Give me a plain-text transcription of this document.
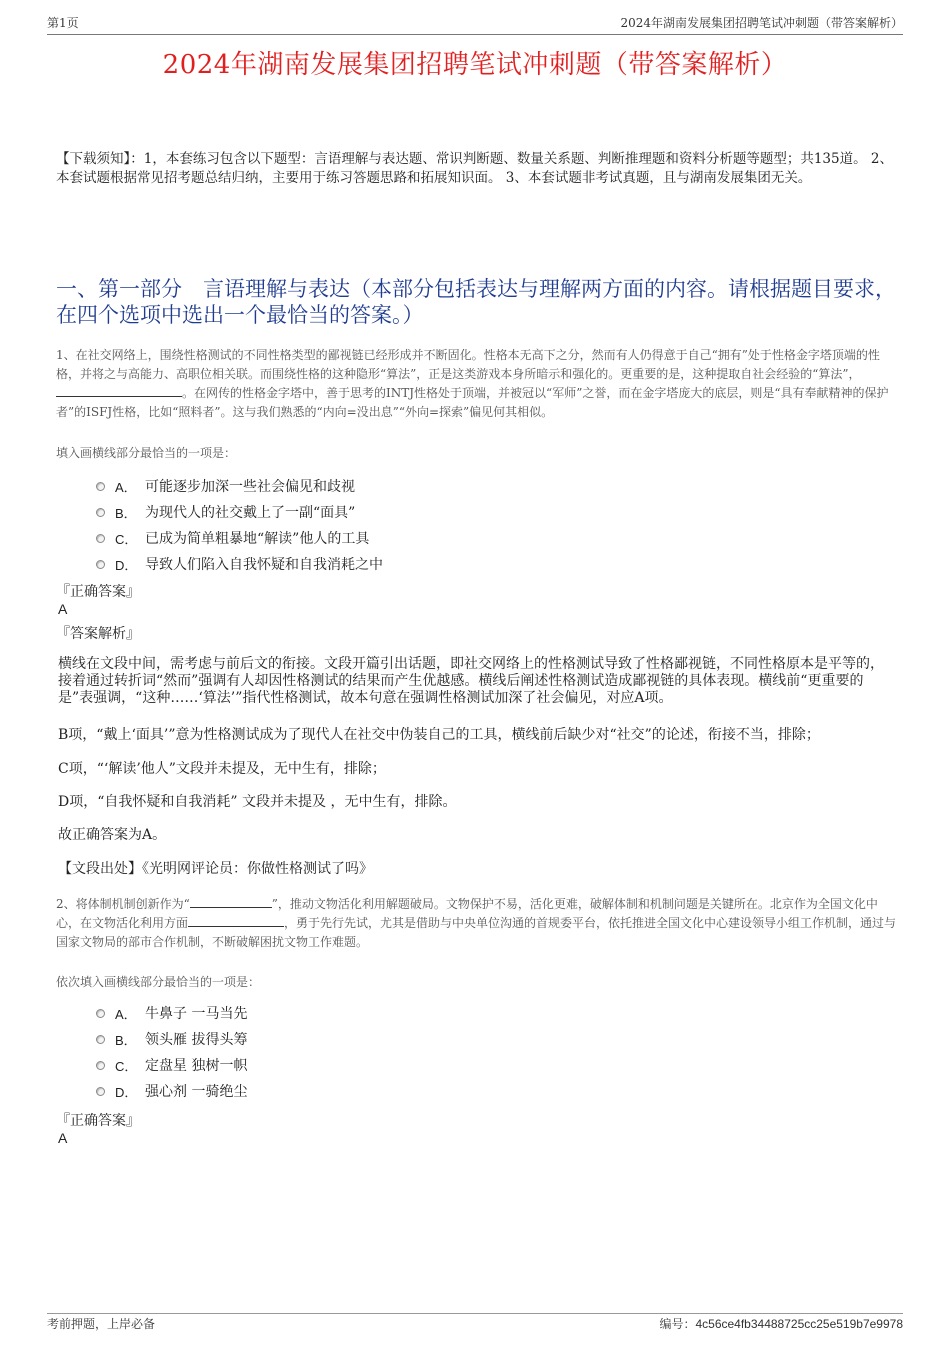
第1页	2024年湖南发展集团招聘笔试冲刺题（带答案解析）
2024年湖南发展集团招聘笔试冲刺题（带答案解析）
【下载须知】：1，本套练习包含以下题型：言语理解与表达题、常识判断题、数量关系题、判断推理题和资料分析题等题型；共135道。 2、本套试题根据常见招考题总结归纳，主要用于练习答题思路和拓展知识面。 3、本套试题非考试真题，且与湖南发展集团无关。
一、第一部分　言语理解与表达（本部分包括表达与理解两方面的内容。请根据题目要求，在四个选项中选出一个最恰当的答案。）
1、在社交网络上，围绕性格测试的不同性格类型的鄙视链已经形成并不断固化。性格本无高下之分，然而有人仍得意于自己“拥有”处于性格金字塔顶端的性格，并将之与高能力、高职位相关联。而围绕性格的这种隐形“算法”，正是这类游戏本身所暗示和强化的。更重要的是，这种提取自社会经验的“算法”，。在网传的性格金字塔中，善于思考的INTJ性格处于顶端，并被冠以“军师”之誉，而在金字塔庞大的底层，则是“具有奉献精神的保护者”的ISFJ性格，比如“照料者”。这与我们熟悉的“内向=没出息”“外向=探索”偏见何其相似。
填入画横线部分最恰当的一项是：
A． 可能逐步加深一些社会偏见和歧视
B． 为现代人的社交戴上了一副“面具”
C． 已成为简单粗暴地“解读”他人的工具
D． 导致人们陷入自我怀疑和自我消耗之中
『正确答案』
A
『答案解析』
横线在文段中间，需考虑与前后文的衔接。文段开篇引出话题，即社交网络上的性格测试导致了性格鄙视链，不同性格原本是平等的，接着通过转折词“然而”强调有人却因性格测试的结果而产生优越感。横线后阐述性格测试造成鄙视链的具体表现。横线前“更重要的是”表强调，“这种……‘算法’”指代性格测试，故本句意在强调性格测试加深了社会偏见，对应A项。
B项，“戴上‘面具’”意为性格测试成为了现代人在社交中伪装自己的工具，横线前后缺少对“社交”的论述，衔接不当，排除；
C项，“‘解读’他人”文段并未提及，无中生有，排除；
D项，“自我怀疑和自我消耗” 文段并未提及 ，无中生有，排除。
故正确答案为A。
【文段出处】《光明网评论员：你做性格测试了吗》
2、将体制机制创新作为“	”，推动文物活化利用解题破局。文物保护不易，活化更难，破解体制和机制问题是关键所在。北京作为全国文化中心，在文物活化利用方面	，勇于先行先试，尤其是借助与中央单位沟通的首规委平台，依托推进全国文化中心建设领导小组工作机制，通过与国家文物局的部市合作机制，不断破解困扰文物工作难题。
依次填入画横线部分最恰当的一项是：
A． 牛鼻子 一马当先
B． 领头雁 拔得头筹
C． 定盘星 独树一帜
D． 强心剂 一骑绝尘
『正确答案』
A
考前押题，上岸必备	编号：4c56ce4fb34488725cc25e519b7e9978
